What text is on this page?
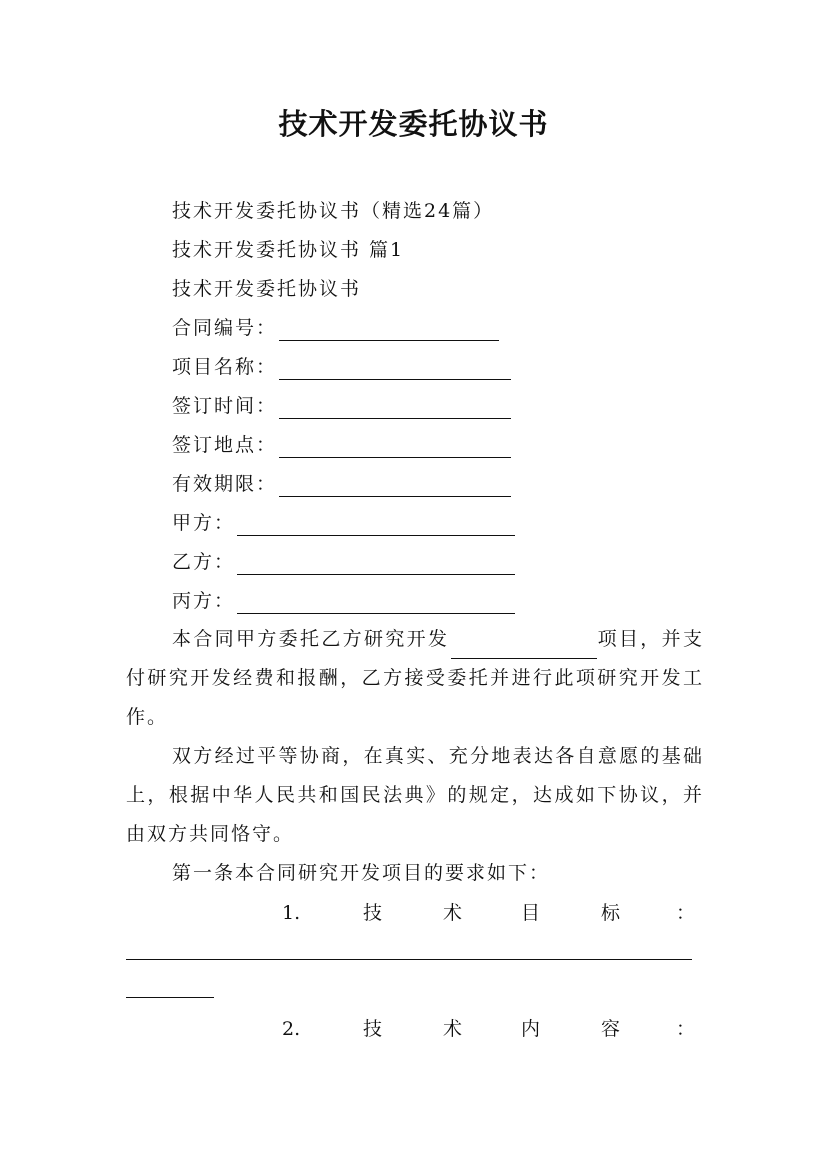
技术开发委托协议书
技术开发委托协议书（精选24篇）
技术开发委托协议书 篇1
技术开发委托协议书
合同编号：
项目名称：
签订时间：
签订地点：
有效期限：
甲方：
乙方：
丙方：
本合同甲方委托乙方研究开发	项目，并支付研究开发经费和报酬，乙方接受委托并进行此项研究开发工作。
双方经过平等协商，在真实、充分地表达各自意愿的基础上，根据中华人民共和国民法典》的规定，达成如下协议，并由双方共同恪守。
第一条本合同研究开发项目的要求如下：
1.	技	术	目	标	：
2.	技	术	内	容	：
